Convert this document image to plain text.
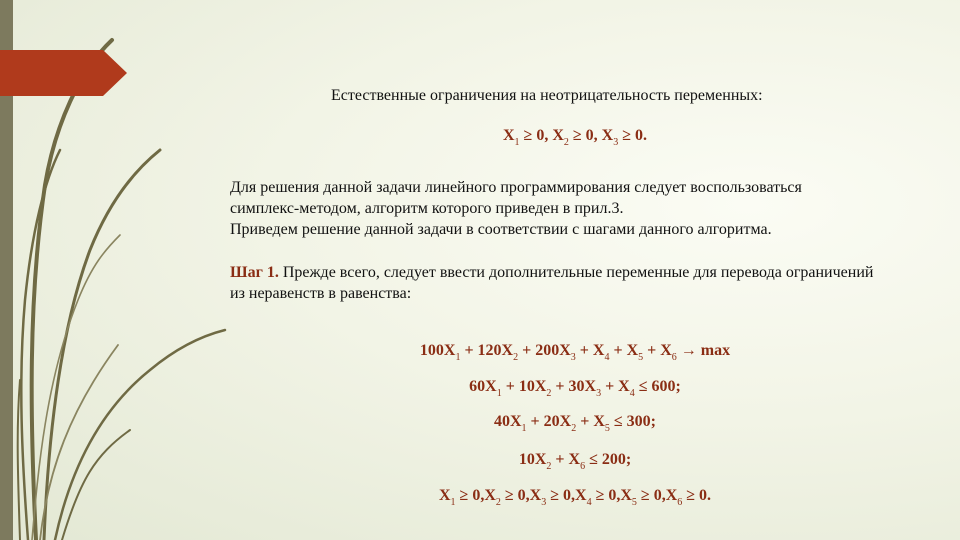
Естественные ограничения на неотрицательность переменных:
$X_1 \ge 0$, $X_2 \ge 0$, $X_3 \ge 0$.
Для решения данной задачи линейного программирования следует воспользоваться
симплекс-методом, алгоритм которого приведен в прил.3.
Приведем решение данной задачи в соответствии с шагами данного алгоритма.
Шаг 1. Прежде всего, следует ввести дополнительные переменные для перевода ограничений из неравенств в равенства:
$100X_1 + 120X_2 + 200X_3 + X_4 + X_5 + X_6 \to \max$
$60X_1 + 10X_2 + 30X_3 + X_4 \le 600$;
$40X_1 + 20X_2 + X_5 \le 300$;
$10X_2 + X_6 \le 200$;
$X_1 \ge 0,X_2 \ge 0,X_3 \ge 0,X_4 \ge 0,X_5 \ge 0,X_6 \ge 0$.
